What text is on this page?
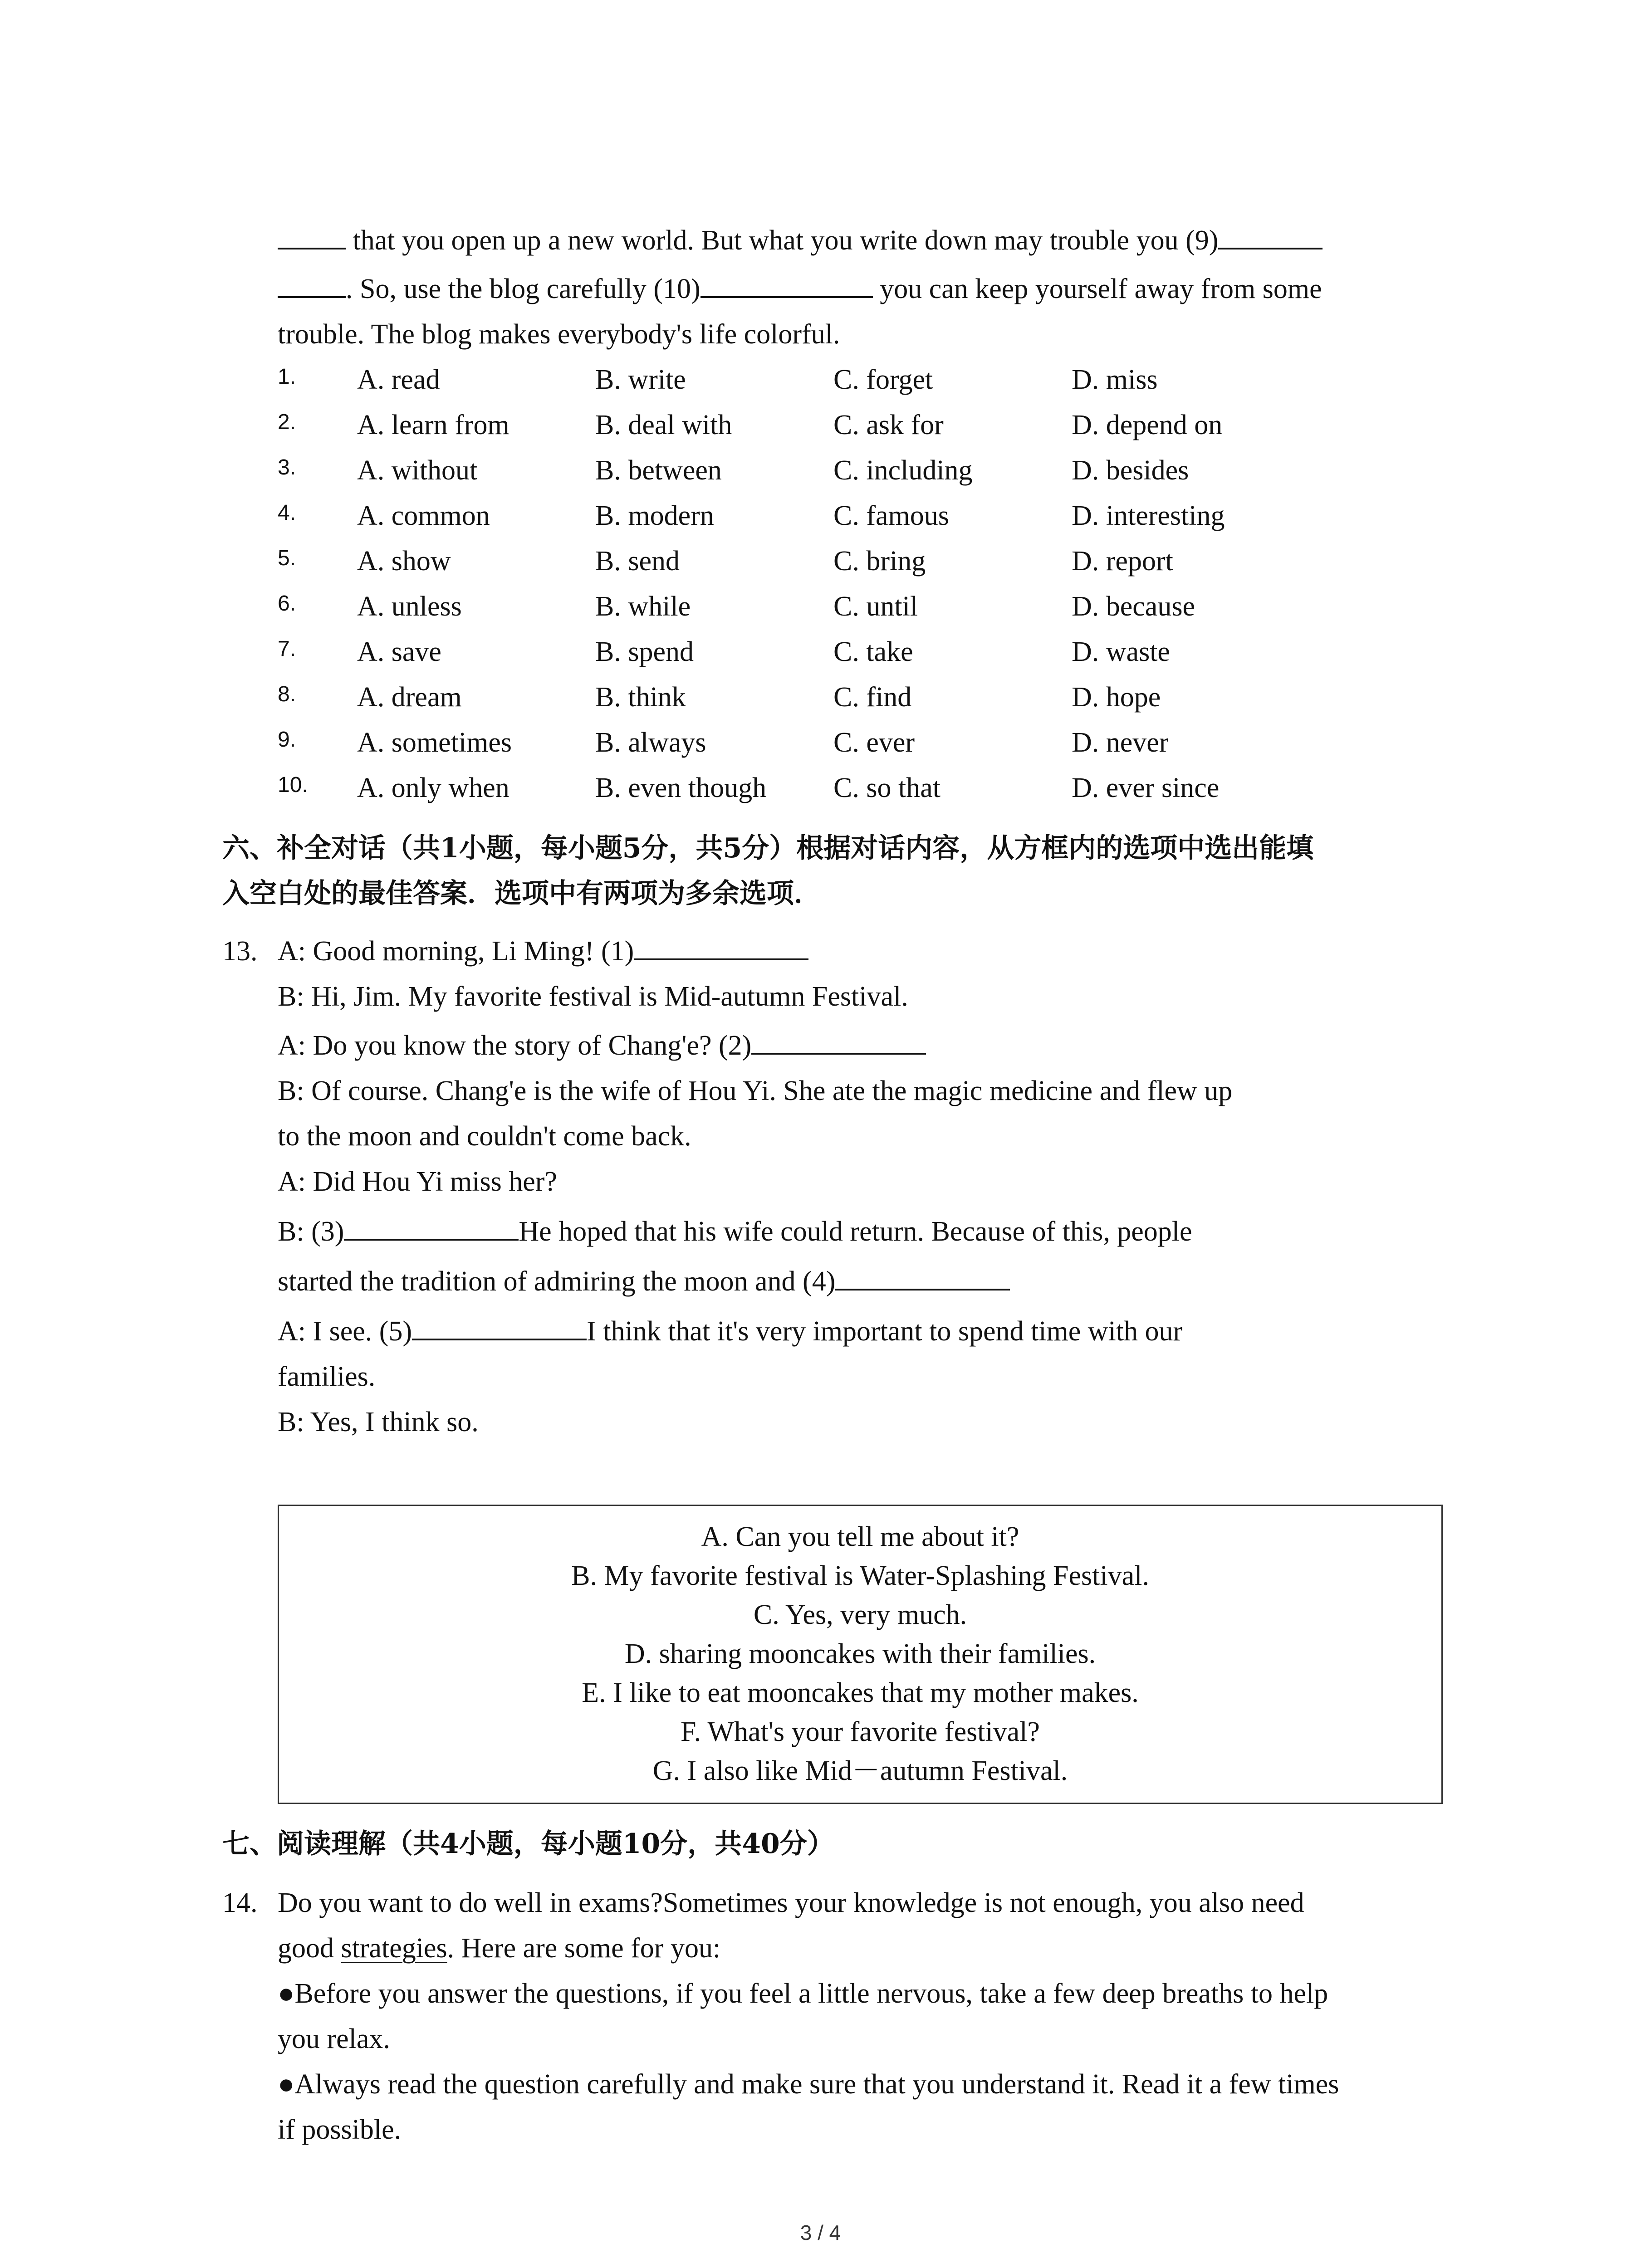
that you open up a new world. But what you write down may trouble you (9)
. So, use the blog carefully (10)	you can keep yourself away from some
trouble. The blog makes everybody's life colorful.
1. A. read	B. write	C. forget	D. miss
2. A. learn from	B. deal with	C. ask for	D. depend on
3. A. without	B. between	C. including	D. besides
4. A. common	B. modern	C. famous	D. interesting
5. A. show	B. send	C. bring	D. report
6. A. unless	B. while	C. until	D. because
7. A. save	B. spend	C. take	D. waste
8. A. dream	B. think	C. find	D. hope
9. A. sometimes	B. always	C. ever	D. never
10. A. only when	B. even though C. so that	D. ever since
六、补全对话（共1小题，每小题5分，共5分）根据对话内容，从方框内的选项中选出能填
入空白处的最佳答案．选项中有两项为多余选项．
13. A: Good morning, Li Ming! (1)
B: Hi, Jim. My favorite festival is Mid-autumn Festival.
A: Do you know the story of Chang'e? (2)
B: Of course. Chang'e is the wife of Hou Yi. She ate the magic medicine and flew up
to the moon and couldn't come back.
A: Did Hou Yi miss her?
B: (3)	He hoped that his wife could return. Because of this, people
started the tradition of admiring the moon and (4)
A: I see. (5)	I think that it's very important to spend time with our
families.
B: Yes, I think so.
A. Can you tell me about it?
B. My favorite festival is Water-Splashing Festival.
C. Yes, very much.
D. sharing mooncakes with their families.
E. I like to eat mooncakes that my mother makes.
F. What's your favorite festival?
G. I also like Mid－autumn Festival.
七、阅读理解（共4小题，每小题10分，共40分）
14. Do you want to do well in exams?Sometimes your knowledge is not enough, you also need
good strategies. Here are some for you:
●Before you answer the questions, if you feel a little nervous, take a few deep breaths to help
you relax.
●Always read the question carefully and make sure that you understand it. Read it a few times
if possible.
3 / 4
